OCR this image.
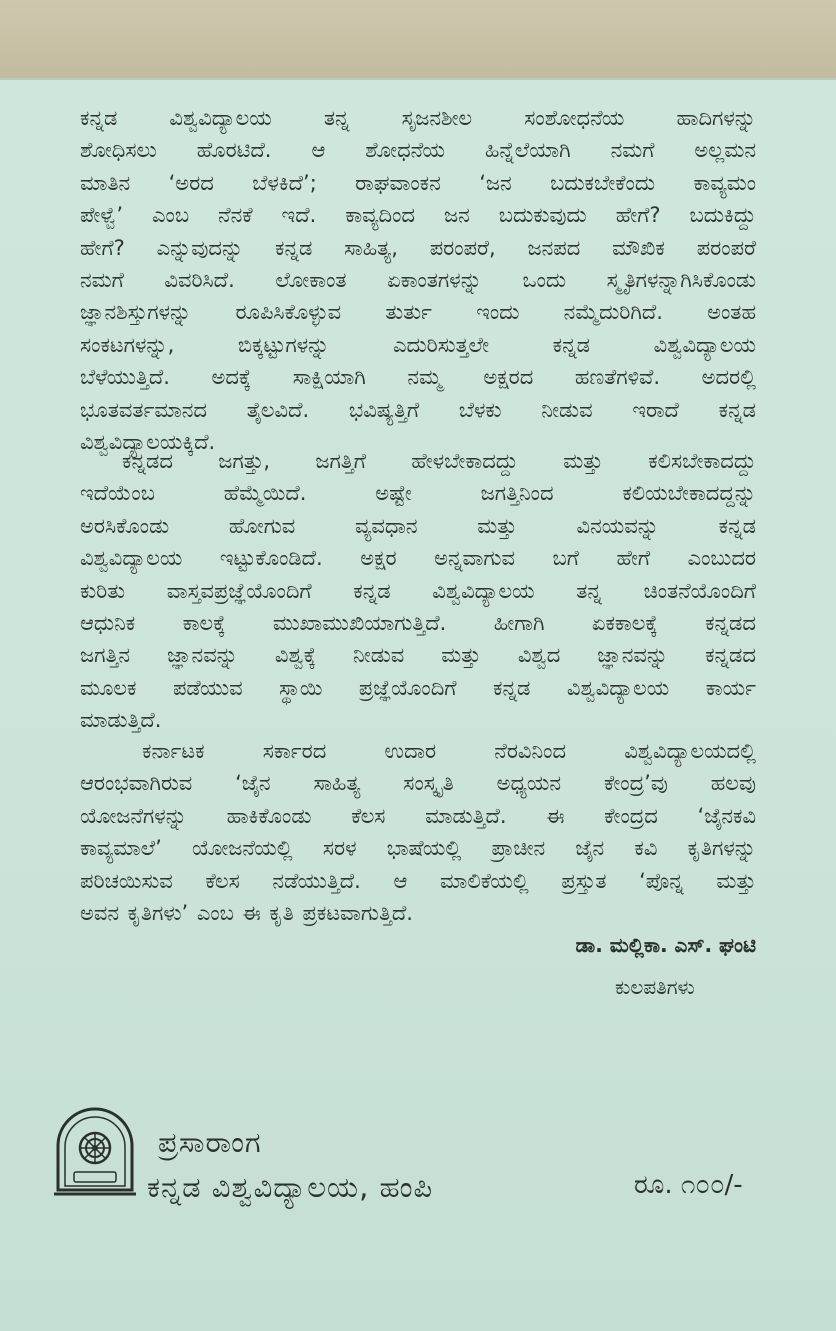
ಕನ್ನಡ ವಿಶ್ವವಿದ್ಯಾಲಯ ತನ್ನ ಸೃಜನಶೀಲ ಸಂಶೋಧನೆಯ ಹಾದಿಗಳನ್ನು
ಶೋಧಿಸಲು ಹೊರಟಿದೆ. ಆ ಶೋಧನೆಯ ಹಿನ್ನೆಲೆಯಾಗಿ ನಮಗೆ ಅಲ್ಲಮನ
ಮಾತಿನ ‘ಅರದ ಬೆಳಕಿದೆ’; ರಾಘವಾಂಕನ ‘ಜನ ಬದುಕಬೇಕೆಂದು ಕಾವ್ಯಮಂ
ಪೇಳ್ವೆ’ ಎಂಬ ನೆನಕೆ ಇದೆ. ಕಾವ್ಯದಿಂದ ಜನ ಬದುಕುವುದು ಹೇಗೆ? ಬದುಕಿದ್ದು
ಹೇಗೆ? ಎನ್ನುವುದನ್ನು ಕನ್ನಡ ಸಾಹಿತ್ಯ, ಪರಂಪರೆ, ಜನಪದ ಮೌಖಿಕ ಪರಂಪರೆ
ನಮಗೆ ವಿವರಿಸಿದೆ. ಲೋಕಾಂತ ಏಕಾಂತಗಳನ್ನು ಒಂದು ಸ್ಮೃತಿಗಳನ್ನಾಗಿಸಿಕೊಂಡು
ಜ್ಞಾನಶಿಸ್ತುಗಳನ್ನು ರೂಪಿಸಿಕೊಳ್ಳುವ ತುರ್ತು ಇಂದು ನಮ್ಮೆದುರಿಗಿದೆ. ಅಂತಹ
ಸಂಕಟಗಳನ್ನು, ಬಿಕ್ಕಟ್ಟುಗಳನ್ನು ಎದುರಿಸುತ್ತಲೇ ಕನ್ನಡ ವಿಶ್ವವಿದ್ಯಾಲಯ
ಬೆಳೆಯುತ್ತಿದೆ. ಅದಕ್ಕೆ ಸಾಕ್ಷಿಯಾಗಿ ನಮ್ಮ ಅಕ್ಷರದ ಹಣತೆಗಳಿವೆ. ಅದರಲ್ಲಿ
ಭೂತವರ್ತಮಾನದ ತೈಲವಿದೆ. ಭವಿಷ್ಯತ್ತಿಗೆ ಬೆಳಕು ನೀಡುವ ಇರಾದೆ ಕನ್ನಡ
ವಿಶ್ವವಿದ್ಯಾಲಯಕ್ಕಿದೆ.
ಕನ್ನಡದ ಜಗತ್ತು, ಜಗತ್ತಿಗೆ ಹೇಳಬೇಕಾದದ್ದು ಮತ್ತು ಕಲಿಸಬೇಕಾದದ್ದು
ಇದೆಯೆಂಬ ಹೆಮ್ಮೆಯಿದೆ. ಅಷ್ಟೇ ಜಗತ್ತಿನಿಂದ ಕಲಿಯಬೇಕಾದದ್ದನ್ನು
ಅರಸಿಕೊಂಡು ಹೋಗುವ ವ್ಯವಧಾನ ಮತ್ತು ವಿನಯವನ್ನು ಕನ್ನಡ
ವಿಶ್ವವಿದ್ಯಾಲಯ ಇಟ್ಟುಕೊಂಡಿದೆ. ಅಕ್ಷರ ಅನ್ನವಾಗುವ ಬಗೆ ಹೇಗೆ ಎಂಬುದರ
ಕುರಿತು ವಾಸ್ತವಪ್ರಜ್ಞೆಯೊಂದಿಗೆ ಕನ್ನಡ ವಿಶ್ವವಿದ್ಯಾಲಯ ತನ್ನ ಚಿಂತನೆಯೊಂದಿಗೆ
ಆಧುನಿಕ ಕಾಲಕ್ಕೆ ಮುಖಾಮುಖಿಯಾಗುತ್ತಿದೆ. ಹೀಗಾಗಿ ಏಕಕಾಲಕ್ಕೆ ಕನ್ನಡದ
ಜಗತ್ತಿನ ಜ್ಞಾನವನ್ನು ವಿಶ್ವಕ್ಕೆ ನೀಡುವ ಮತ್ತು ವಿಶ್ವದ ಜ್ಞಾನವನ್ನು ಕನ್ನಡದ
ಮೂಲಕ ಪಡೆಯುವ ಸ್ಥಾಯಿ ಪ್ರಜ್ಞೆಯೊಂದಿಗೆ ಕನ್ನಡ ವಿಶ್ವವಿದ್ಯಾಲಯ ಕಾರ್ಯ
ಮಾಡುತ್ತಿದೆ.
ಕರ್ನಾಟಕ ಸರ್ಕಾರದ ಉದಾರ ನೆರವಿನಿಂದ ವಿಶ್ವವಿದ್ಯಾಲಯದಲ್ಲಿ
ಆರಂಭವಾಗಿರುವ ‘ಜೈನ ಸಾಹಿತ್ಯ ಸಂಸ್ಕೃತಿ ಅಧ್ಯಯನ ಕೇಂದ್ರ’ವು ಹಲವು
ಯೋಜನೆಗಳನ್ನು ಹಾಕಿಕೊಂಡು ಕೆಲಸ ಮಾಡುತ್ತಿದೆ. ಈ ಕೇಂದ್ರದ ‘ಜೈನಕವಿ
ಕಾವ್ಯಮಾಲೆ’ ಯೋಜನೆಯಲ್ಲಿ ಸರಳ ಭಾಷೆಯಲ್ಲಿ ಪ್ರಾಚೀನ ಜೈನ ಕವಿ ಕೃತಿಗಳನ್ನು
ಪರಿಚಯಿಸುವ ಕೆಲಸ ನಡೆಯುತ್ತಿದೆ. ಆ ಮಾಲಿಕೆಯಲ್ಲಿ ಪ್ರಸ್ತುತ ‘ಪೊನ್ನ ಮತ್ತು
ಅವನ ಕೃತಿಗಳು’ ಎಂಬ ಈ ಕೃತಿ ಪ್ರಕಟವಾಗುತ್ತಿದೆ.
ಡಾ. ಮಲ್ಲಿಕಾ. ಎಸ್. ಘಂಟಿ
ಕುಲಪತಿಗಳು
ಪ್ರಸಾರಾಂಗ
ಕನ್ನಡ ವಿಶ್ವವಿದ್ಯಾಲಯ, ಹಂಪಿ	ರೂ. ೧೦೦/-
